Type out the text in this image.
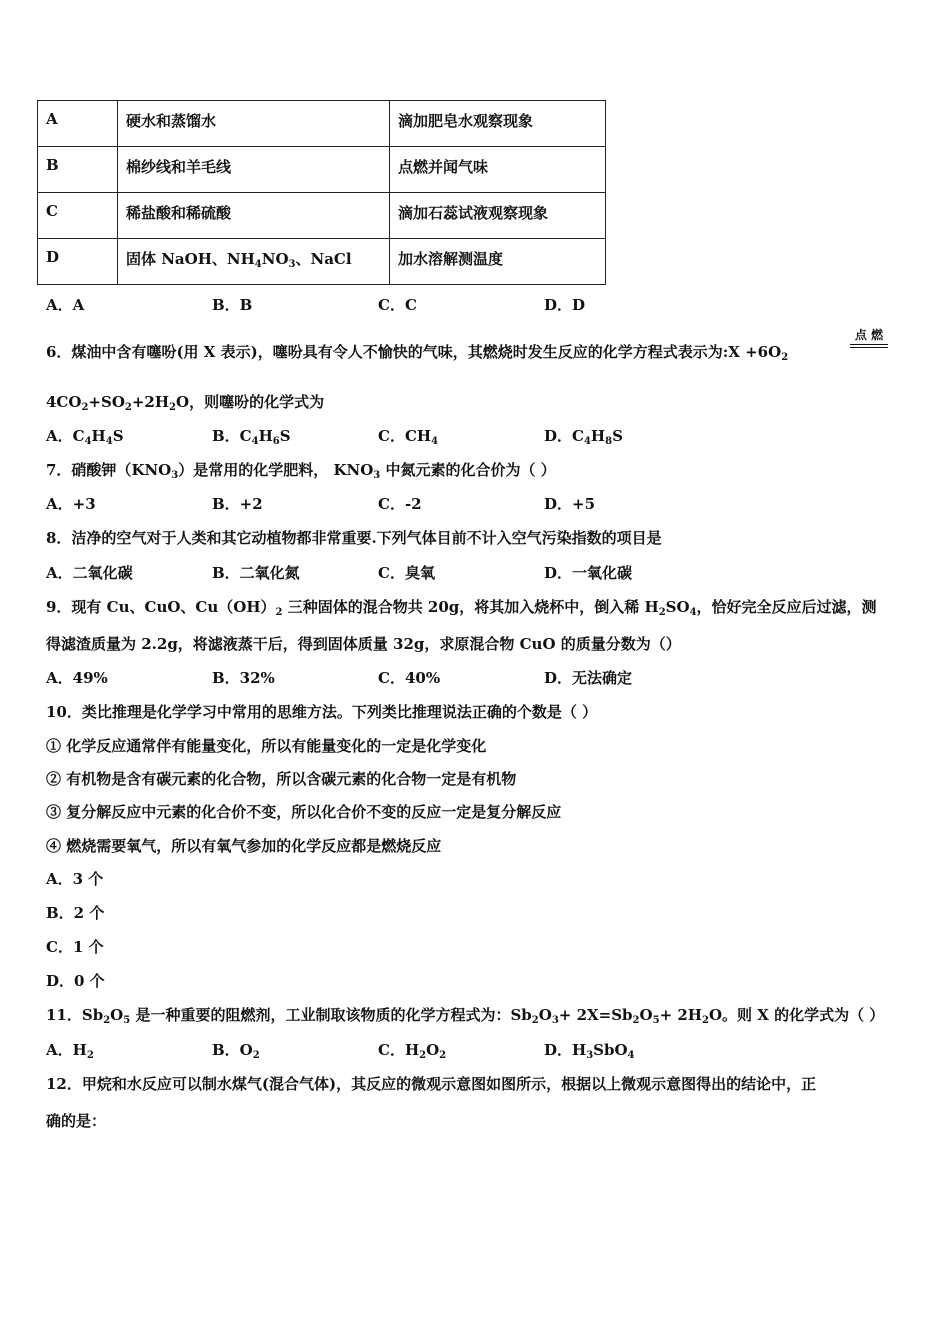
A	硬水和蒸馏水	滴加肥皂水观察现象
B	棉纱线和羊毛线	点燃并闻气味
C	稀盐酸和稀硫酸	滴加石蕊试液观察现象
D	固体 NaOH、$NH_4NO_3$、NaCl	加水溶解测温度
A．A	B．B	C．C	D．D
6．煤油中含有噻吩(用 X 表示)，噻吩具有令人不愉快的气味，其燃烧时发生反应的化学方程式表示为:X $+6O_2$
点 燃
$4CO_2+SO_2+2H_2O$，则噻吩的化学式为
A．$C_4H_4S$	B．$C_4H_6S$	C．$CH_4$	D．$C_4H_8S$
7．硝酸钾$(KNO_3)$是常用的化学肥料， $KNO_3$ 中氮元素的化合价为（ ）
A．+3	B．+2	C．-2	D．+5
8．洁净的空气对于人类和其它动植物都非常重要.下列气体目前不计入空气污染指数的项目是
A．二氧化碳	B．二氧化氮	C．臭氧	D．一氧化碳
9．现有 Cu、CuO、$Cu(OH)_2$ 三种固体的混合物共 20g，将其加入烧杯中，倒入稀 $H_2SO_4$，恰好完全反应后过滤，测
得滤渣质量为 2.2g，将滤液蒸干后，得到固体质量 32g，求原混合物 CuO 的质量分数为（）
A．49%	B．32%	C．40%	D．无法确定
10．类比推理是化学学习中常用的思维方法。下列类比推理说法正确的个数是（ ）
① 化学反应通常伴有能量变化，所以有能量变化的一定是化学变化
② 有机物是含有碳元素的化合物，所以含碳元素的化合物一定是有机物
③ 复分解反应中元素的化合价不变，所以化合价不变的反应一定是复分解反应
④ 燃烧需要氧气，所以有氧气参加的化学反应都是燃烧反应
A．3 个
B．2 个
C．1 个
D．0 个
11．$Sb_2O_5$ 是一种重要的阻燃剂，工业制取该物质的化学方程式为：$Sb_2O_3+ 2X=Sb_2O_5+ 2H_2O$。则 X 的化学式为（ ）
A．$H_2$	B．$O_2$	C．$H_2O_2$	D．$H_3SbO_4$
12．甲烷和水反应可以制水煤气(混合气体)，其反应的微观示意图如图所示，根据以上微观示意图得出的结论中，正
确的是：
